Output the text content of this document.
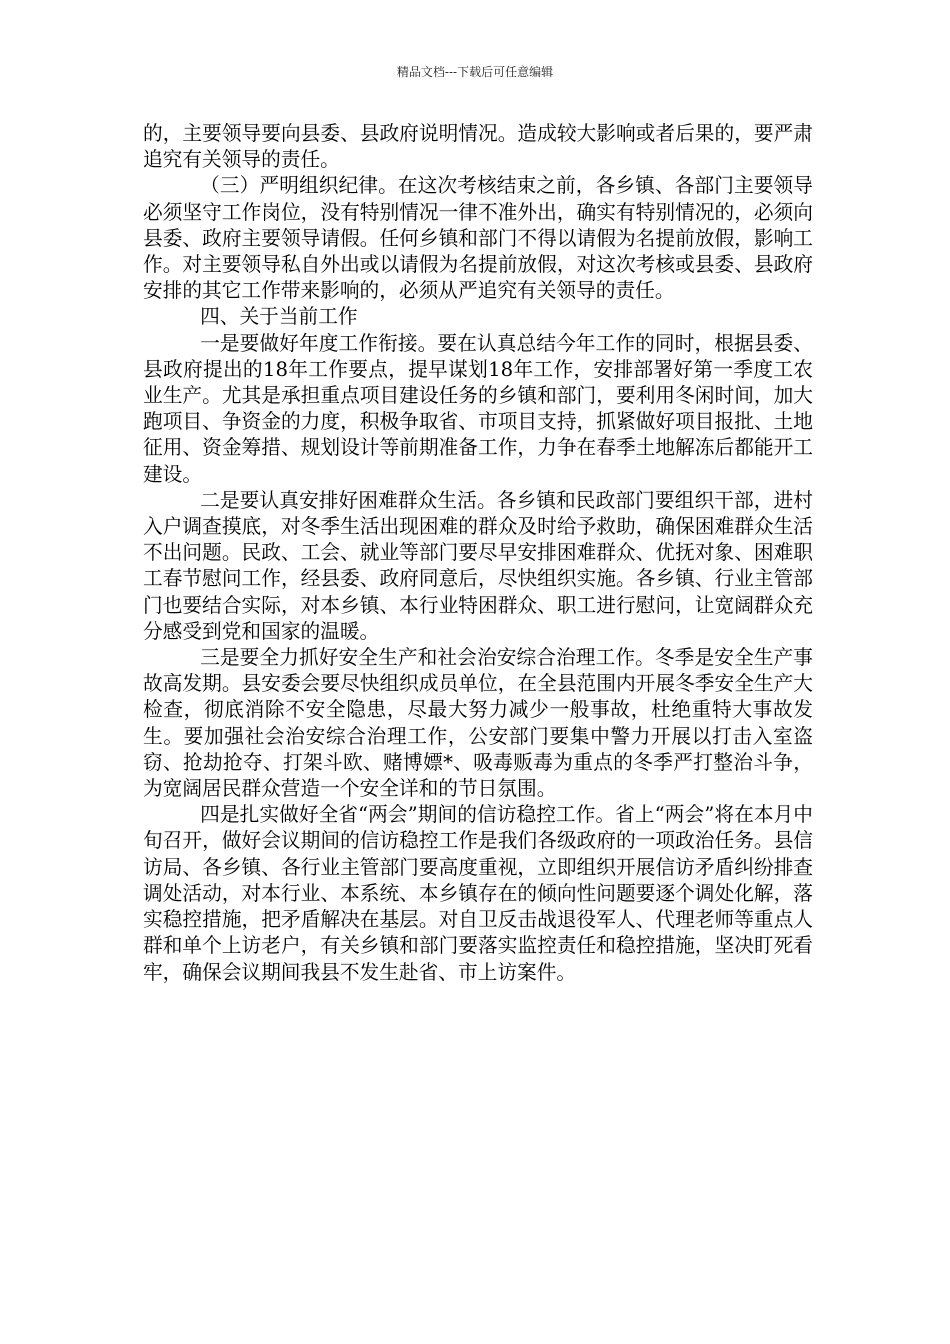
精品文档---下载后可任意编辑

的，主要领导要向县委、县政府说明情况。造成较大影响或者后果的，要严肃追究有关领导的责任。

（三）严明组织纪律。在这次考核结束之前，各乡镇、各部门主要领导必须坚守工作岗位，没有特别情况一律不准外出，确实有特别情况的，必须向县委、政府主要领导请假。任何乡镇和部门不得以请假为名提前放假，影响工作。对主要领导私自外出或以请假为名提前放假，对这次考核或县委、县政府安排的其它工作带来影响的，必须从严追究有关领导的责任。

四、关于当前工作

一是要做好年度工作衔接。要在认真总结今年工作的同时，根据县委、县政府提出的18年工作要点，提早谋划18年工作，安排部署好第一季度工农业生产。尤其是承担重点项目建设任务的乡镇和部门，要利用冬闲时间，加大跑项目、争资金的力度，积极争取省、市项目支持，抓紧做好项目报批、土地征用、资金筹措、规划设计等前期准备工作，力争在春季土地解冻后都能开工建设。

二是要认真安排好困难群众生活。各乡镇和民政部门要组织干部，进村入户调查摸底，对冬季生活出现困难的群众及时给予救助，确保困难群众生活不出问题。民政、工会、就业等部门要尽早安排困难群众、优抚对象、困难职工春节慰问工作，经县委、政府同意后，尽快组织实施。各乡镇、行业主管部门也要结合实际，对本乡镇、本行业特困群众、职工进行慰问，让宽阔群众充分感受到党和国家的温暖。

三是要全力抓好安全生产和社会治安综合治理工作。冬季是安全生产事故高发期。县安委会要尽快组织成员单位，在全县范围内开展冬季安全生产大检查，彻底消除不安全隐患，尽最大努力减少一般事故，杜绝重特大事故发生。要加强社会治安综合治理工作，公安部门要集中警力开展以打击入室盗窃、抢劫抢夺、打架斗欧、赌博嫖*、吸毒贩毒为重点的冬季严打整治斗争，为宽阔居民群众营造一个安全详和的节日氛围。

四是扎实做好全省“两会”期间的信访稳控工作。省上“两会”将在本月中旬召开，做好会议期间的信访稳控工作是我们各级政府的一项政治任务。县信访局、各乡镇、各行业主管部门要高度重视，立即组织开展信访矛盾纠纷排查调处活动，对本行业、本系统、本乡镇存在的倾向性问题要逐个调处化解，落实稳控措施，把矛盾解决在基层。对自卫反击战退役军人、代理老师等重点人群和单个上访老户，有关乡镇和部门要落实监控责任和稳控措施，坚决盯死看牢，确保会议期间我县不发生赴省、市上访案件。
